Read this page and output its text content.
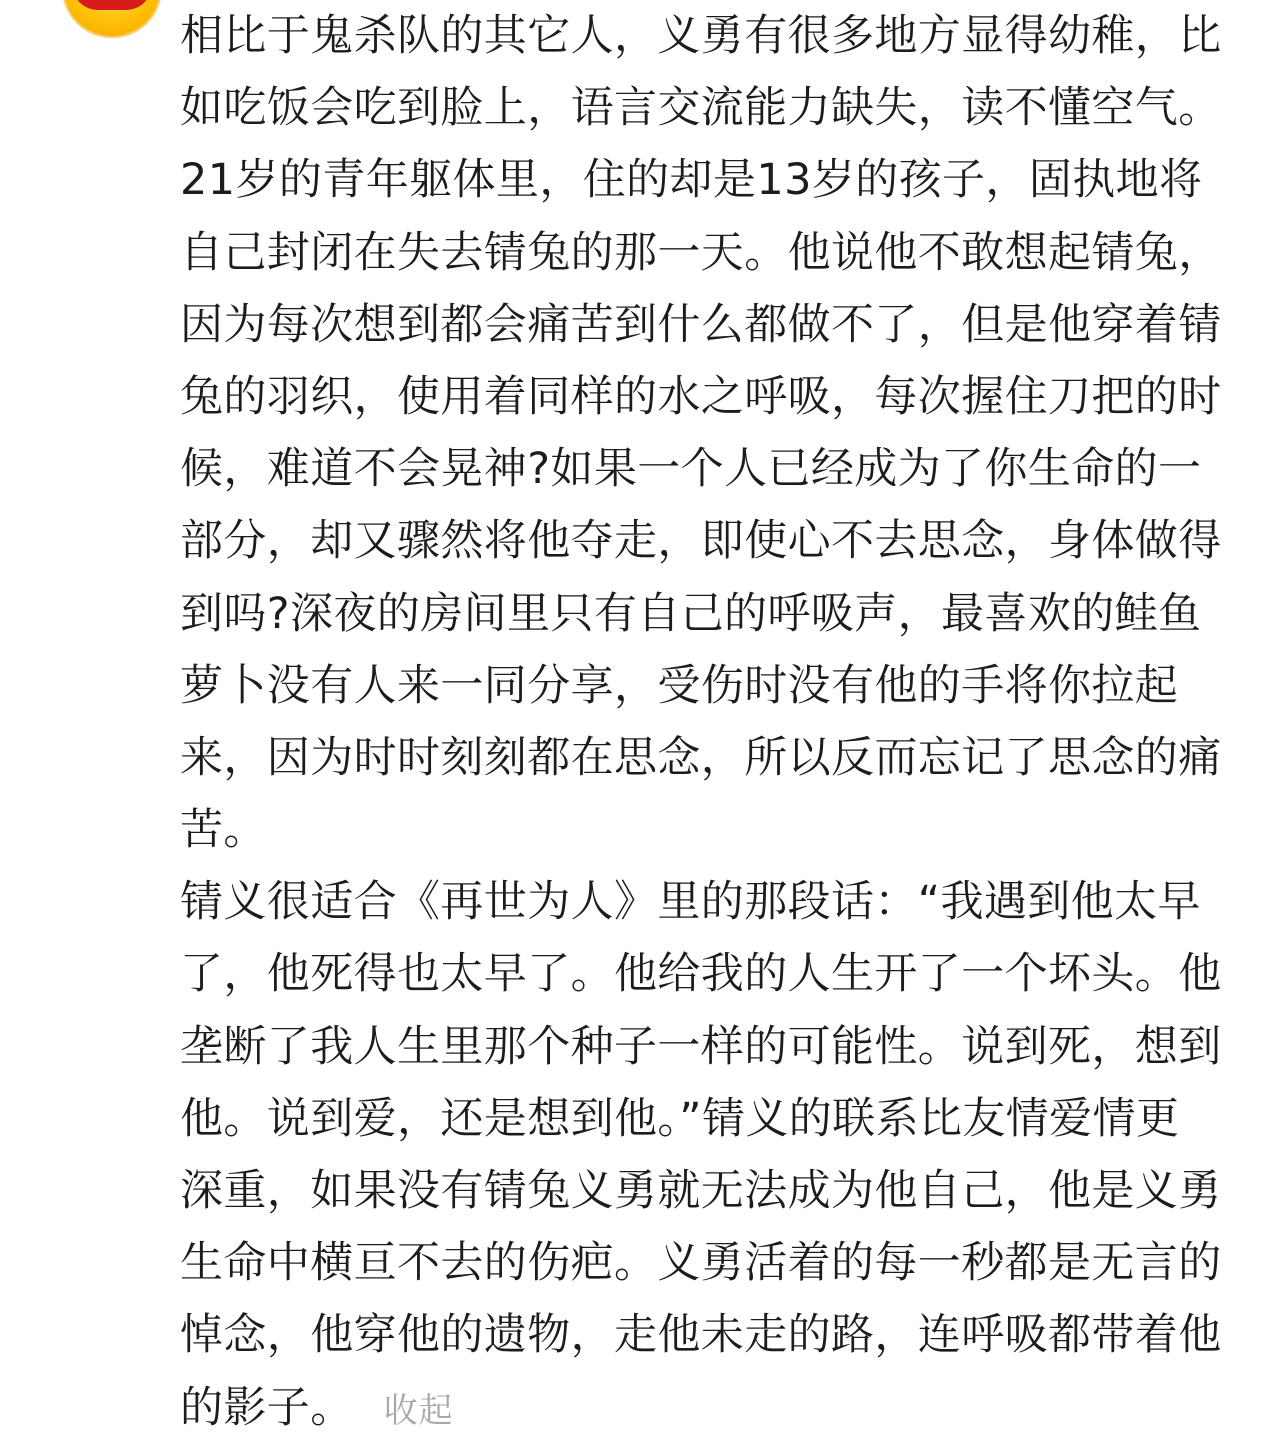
相比于鬼杀队的其它人，义勇有很多地方显得幼稚，比
如吃饭会吃到脸上，语言交流能力缺失，读不懂空气。
21岁的青年躯体里，住的却是13岁的孩子，固执地将
自己封闭在失去锖兔的那一天。他说他不敢想起锖兔，
因为每次想到都会痛苦到什么都做不了，但是他穿着锖
兔的羽织，使用着同样的水之呼吸，每次握住刀把的时
候，难道不会晃神?如果一个人已经成为了你生命的一
部分，却又骤然将他夺走，即使心不去思念，身体做得
到吗?深夜的房间里只有自己的呼吸声，最喜欢的鲑鱼
萝卜没有人来一同分享，受伤时没有他的手将你拉起
来，因为时时刻刻都在思念，所以反而忘记了思念的痛
苦。
锖义很适合《再世为人》里的那段话：“我遇到他太早
了，他死得也太早了。他给我的人生开了一个坏头。他
垄断了我人生里那个种子一样的可能性。说到死，想到
他。说到爱，还是想到他。”锖义的联系比友情爱情更
深重，如果没有锖兔义勇就无法成为他自己，他是义勇
生命中横亘不去的伤疤。义勇活着的每一秒都是无言的
悼念，他穿他的遗物，走他未走的路，连呼吸都带着他
的影子。 收起
